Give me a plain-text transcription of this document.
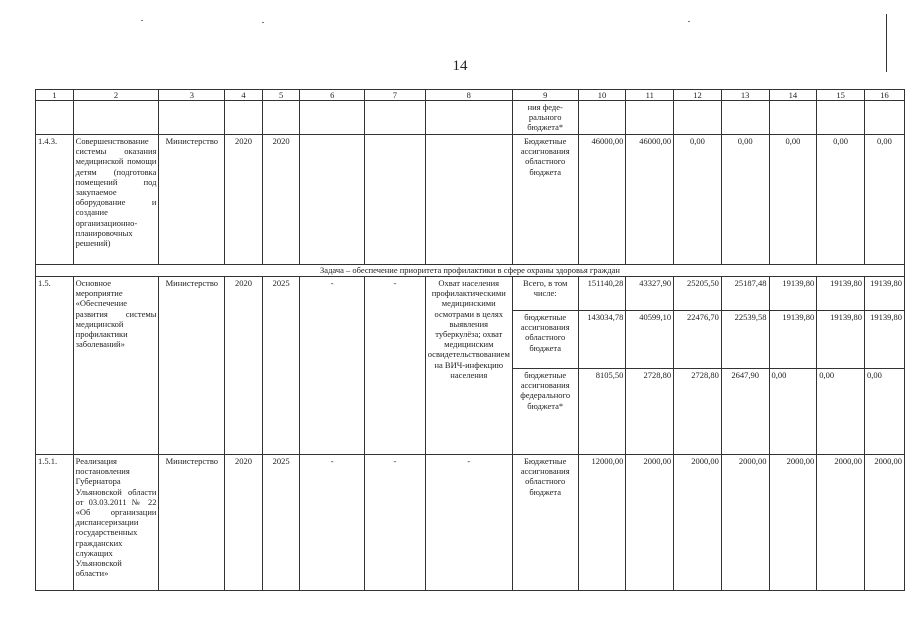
14
1	2	3	4	5	6	7	8	9	10	11	12	13	14	15	16
								ния феде-ральнoго бюджета*							
1.4.3.	Совершенствование системы оказания медицинской помощи детям (подготовка помещений под закупаемое оборудование и создание организационно-планировочных решений)	Министерство	2020	2020				Бюджетные ассигнования областного бюджета	46000,00	46000,00	0,00	0,00	0,00	0,00	0,00
Задача – обеспечение приоритета профилактики в сфере охраны здоровья граждан															
1.5.	Основное мероприятие «Обеспечение развития системы медицинской профилактики заболеваний»	Министерство	2020	2025	-	-	Охват населения профилактическими медицинскими осмотрами в целях выявления туберкулёза; охват медицинским освидетельствованием на ВИЧ-инфекцию населения	Всего, в том числе:	151140,28	43327,90	25205,50	25187,48	19139,80	19139,80	19139,80
								бюджетные ассигнования областного бюджета	143034,78	40599,10	22476,70	22539,58	19139,80	19139,80	19139,80
								бюджетные ассигнования федерального бюджета*	8105,50	2728,80	2728,80	2647,90	0,00	0,00	0,00
1.5.1.	Реализация постановления Губернатора Ульяновской области от 03.03.2011 № 22 «Об организации диспансеризации государственных гражданских служащих Ульяновской области»	Министерство	2020	2025	-	-	-	Бюджетные ассигнования областного бюджета	12000,00	2000,00	2000,00	2000,00	2000,00	2000,00	2000,00
